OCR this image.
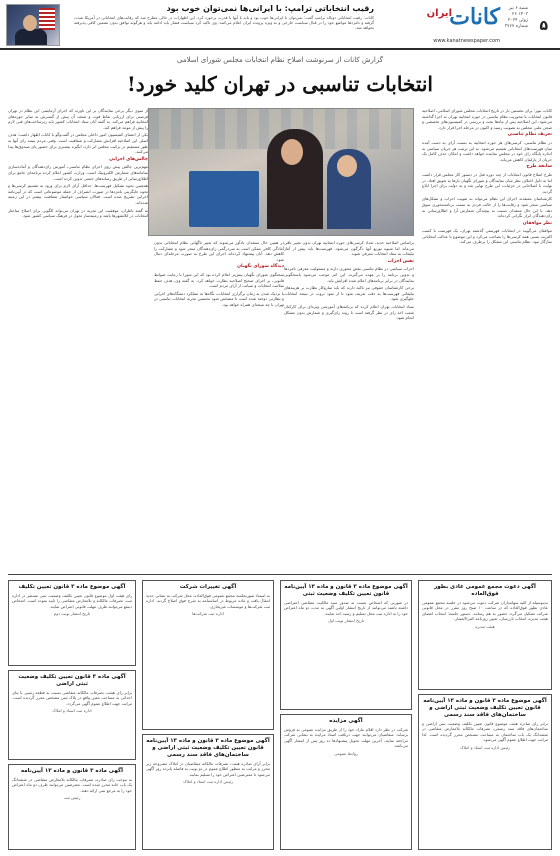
۵
شنبه ۶ تیر ۱۴۰۳ ۲۶ ژوئن ۲۰۲۴ شماره ۳۷۶۷
کانات
ایران
www.kanatnewspaper.com
رقیب انتخاباتی ترامپ: با ایرانی‌ها نمی‌توان خوب بود
کانات: رقیب انتخاباتی دونالد ترامپ گفت: نمی‌توان با ایرانی‌ها خوب بود و باید با آنها با قدرت برخورد کرد. این اظهارات در حالی مطرح شد که رقابت‌های انتخاباتی در آمریکا شدت گرفته و نامزدها مواضع خود را در قبال سیاست خارجی و به ویژه پرونده ایران اعلام می‌کنند. وی تاکید کرد سیاست فشار باید ادامه یابد و هرگونه توافق بدون تضمین کافی پذیرفته نخواهد شد.
گزارش کانات از سرنوشت اصلاح نظام انتخابات مجلس شورای اسلامی
انتخابات تناسبی در تهران کلید خورد!

کانات نیوز: برای نخستین بار در تاریخ انتخابات مجلس شورای اسلامی، اصلاحیه قانون انتخابات با محوریت نظام تناسبی در حوزه انتخابیه تهران به اجرا گذاشته می‌شود. این اصلاحیه پس از ماه‌ها بحث و بررسی در کمیسیون‌های تخصصی و صحن علنی مجلس به تصویب رسید و اکنون در مرحله اجرا قرار دارد.

تعریف نظام تناسبی

در نظام تناسبی، کرسی‌های هر حوزه انتخابیه به نسبت آرای به دست آمده میان فهرست‌های انتخاباتی تقسیم می‌شود. به این ترتیب هر جریان سیاسی به اندازه پایگاه رای خود در مجلس نماینده خواهد داشت و امکان حذف کامل یک جریان از پارلمان کاهش می‌یابد.

سابقه طرح

طرح اصلاح قانون انتخابات از چند دوره قبل در دستور کار مجلس قرار داشت اما به دلیل اختلاف نظر میان نمایندگان و شورای نگهبان بارها به تعویق افتاد. در نهایت با اصلاحاتی در جزئیات، این طرح نهایی شد و به دولت برای اجرا ابلاغ گردید.

کارشناسان معتقدند اجرای این نظام می‌تواند به تقویت احزاب و تشکل‌های سیاسی منجر شود و رقابت‌ها را از حالت فردی به سمت برنامه‌محوری سوق دهد. با این حال منتقدان نسبت به پیچیدگی شمارش آرا و اطلاع‌رسانی به رای‌دهندگان ابراز نگرانی کرده‌اند.

نظر موافقان

موافقان می‌گویند در انتخابات فهرستی گذشته تهران، یک فهرست با کسب اکثریت نسبی همه کرسی‌ها را تصاحب می‌کرد و این موضوع با عدالت انتخاباتی سازگار نبود. نظام تناسبی این مشکل را برطرف می‌کند.

براساس اصلاحیه جدید، تعداد کرسی‌های حوزه انتخابیه تهران بدون تغییر باقی می‌ماند اما شیوه توزیع آنها دگرگون می‌شود. فهرست‌ها باید پیش از آغاز تبلیغات به ستاد انتخابات معرفی شوند.

نقش احزاب

احزاب سیاسی در نظام تناسبی نقش محوری دارند و مسئولیت معرفی نامزدها و تدوین برنامه را بر عهده می‌گیرند. این امر موجب می‌شود پاسخگویی نمایندگان در برابر برنامه‌های اعلام شده افزایش یابد.

برخی کارشناسان حقوقی نیز تاکید دارند که باید سازوکار نظارت بر هزینه‌های تبلیغاتی فهرست‌ها به دقت تعریف شود تا از نفوذ ثروت در نتیجه انتخابات جلوگیری شود.

ستاد انتخابات تهران اعلام کرده که برنامه‌های آموزشی ویژه‌ای برای کارکنان شعب اخذ رای در نظر گرفته است تا روند رای‌گیری و شمارش بدون مشکل انجام شود.

در همین حال منتقدان یادآور می‌شوند که تغییر ناگهانی نظام انتخاباتی بدون آمادگی کافی ممکن است به سردرگمی رای‌دهندگان منجر شود و مشارکت را کاهش دهد. آنان پیشنهاد کرده‌اند اجرای این طرح به صورت مرحله‌ای دنبال شود.

دیدگاه شورای نگهبان

سخنگوی شورای نگهبان پیش‌تر اعلام کرده بود که این شورا با رعایت ضوابط قانونی، بر اجرای صحیح اصلاحیه نظارت خواهد کرد. به گفته وی، هدف حفظ سلامت انتخابات و صیانت از آرای مردم است.

با نزدیک شدن به زمان برگزاری انتخابات، نگاه‌ها به عملکرد دستگاه‌های اجرایی و نظارتی دوخته شده است تا مشخص شود نخستین تجربه انتخابات تناسبی در تهران با چه نتیجه‌ای همراه خواهد بود.

از سوی دیگر برخی نمایندگان بر این باورند که اجرای آزمایشی این نظام در تهران فرصتی برای ارزیابی نقاط قوت و ضعف آن پیش از گسترش به سایر حوزه‌های انتخابیه فراهم می‌کند. به گفته آنان ستاد انتخابات کشور باید زیرساخت‌های فنی لازم را پیش از موعد فراهم کند.

یکی از اعضای کمیسیون امور داخلی مجلس در گفت‌وگو با کانات اظهار داشت: هدف اصلی این اصلاحیه افزایش مشارکت و شفافیت است. وقتی مردم ببینند رای آنها به طور مستقیم در ترکیب مجلس اثر دارد، انگیزه بیشتری برای حضور پای صندوق‌ها پیدا می‌کنند.

چالش‌های اجرایی

مهم‌ترین چالش پیش روی اجرای نظام تناسبی، آموزش رای‌دهندگان و آماده‌سازی سامانه‌های شمارش الکترونیک است. وزارت کشور اعلام کرده برنامه‌ای جامع برای اطلاع‌رسانی از طریق رسانه‌های جمعی تدوین کرده است.

همچنین نحوه تشکیل فهرست‌ها، حداقل آرای لازم برای ورود به تقسیم کرسی‌ها و نحوه جایگزینی نامزدها در صورت انصراف از جمله موضوعاتی است که در آیین‌نامه اجرایی تشریح شده است. فعالان سیاسی خواستار شفافیت بیشتر در این زمینه شده‌اند.

به گفته ناظران، موفقیت این تجربه در تهران می‌تواند الگویی برای اصلاح ساختار انتخابات در کلانشهرها باشد و زمینه‌ساز تحول در فرهنگ سیاسی کشور شود.

آگهی دعوت مجمع عمومی عادی بطور فوق‌العاده
بدینوسیله از کلیه سهامداران شرکت دعوت می‌شود در جلسه مجمع عمومی عادی بطور فوق‌العاده که در ساعت ۱۰ صبح روز مقرر در محل قانونی شرکت تشکیل می‌گردد حضور به هم رسانند. دستور جلسه: انتخاب اعضای هیئت مدیره، انتخاب بازرسان، تعیین روزنامه کثیرالانتشار.
هیئت مدیره
آگهی موضوع ماده ۳ قانون و ماده ۱۳ آیین‌نامه قانون تعیین تکلیف وضعیت ثبتی اراضی و ساختمان‌های فاقد سند رسمی
برابر رای صادره هیئت موضوع قانون تعیین تکلیف وضعیت ثبتی اراضی و ساختمان‌های فاقد سند رسمی، تصرفات مالکانه بلامعارض متقاضی در ششدانگ یک باب ساختمان به مساحت مشخص محرز گردیده است. لذا مراتب جهت اطلاع عموم آگهی می‌شود.
رئیس اداره ثبت اسناد و املاک
آگهی موضوع ماده ۳ قانون و ماده ۱۳ آیین‌نامه قانون تعیین تکلیف وضعیت ثبتی
در صورتی که اشخاص نسبت به صدور سند مالکیت متقاضی اعتراضی داشته باشند می‌توانند از تاریخ انتشار اولین آگهی به مدت دو ماه اعتراض خود را به اداره ثبت محل تسلیم و رسید اخذ نمایند.
تاریخ انتشار نوبت اول
آگهی مزایده
شرکت در نظر دارد اقلام مازاد خود را از طریق مزایده عمومی به فروش برساند. متقاضیان می‌توانند جهت دریافت اسناد مزایده به نشانی شرکت مراجعه نمایند. آخرین مهلت تحویل پیشنهادها ده روز پس از انتشار آگهی می‌باشد.
روابط عمومی
آگهی تغییرات شرکت
به استناد صورتجلسه مجمع عمومی فوق‌العاده، محل شرکت به نشانی جدید انتقال یافت و ماده مربوط در اساسنامه به شرح فوق اصلاح گردید. اداره ثبت شرکت‌ها و موسسات غیرتجاری.
اداره ثبت شرکت‌ها
آگهی موضوع ماده ۳ قانون و ماده ۱۳ آیین‌نامه قانون تعیین تکلیف وضعیت ثبتی اراضی و ساختمان‌های فاقد سند رسمی
برابر آرای صادره هیئت، تصرفات مالکانه متقاضیان در املاک مشروحه زیر محرز و مراتب به منظور اطلاع عموم در دو نوبت به فاصله پانزده روز آگهی می‌شود تا معترضین اعتراض خود را تسلیم نمایند.
رئیس اداره ثبت اسناد و املاک
آگهی موضوع ماده ۳ قانون تعیین تکلیف
رای هیئت اول موضوع قانون تعیین تکلیف وضعیت ثبتی مستقر در اداره ثبت، تصرفات مالکانه و بلامعارض متقاضی را تایید نموده است. اشخاص ذینفع می‌توانند ظرف مهلت قانونی اعتراض نمایند.
تاریخ انتشار نوبت دوم
آگهی ماده ۳ قانون تعیین تکلیف وضعیت ثبتی اراضی
برابر رای هیئت، تصرفات مالکانه متقاضی نسبت به قطعه زمینی با بنای احداثی به مساحت معین واقع در پلاک ثبتی مشخص محرز گردیده است. مراتب جهت اطلاع عموم آگهی می‌گردد.
اداره ثبت اسناد و املاک
آگهی ماده ۳ قانون و ماده ۱۳ آیین‌نامه
به موجب رای صادره، تصرفات مالکانه بلامعارض متقاضی در ششدانگ یک باب خانه محرز شده است. معترضین می‌توانند ظرف دو ماه اعتراض خود را به مرجع ثبتی ارائه دهند.
رئیس ثبت
